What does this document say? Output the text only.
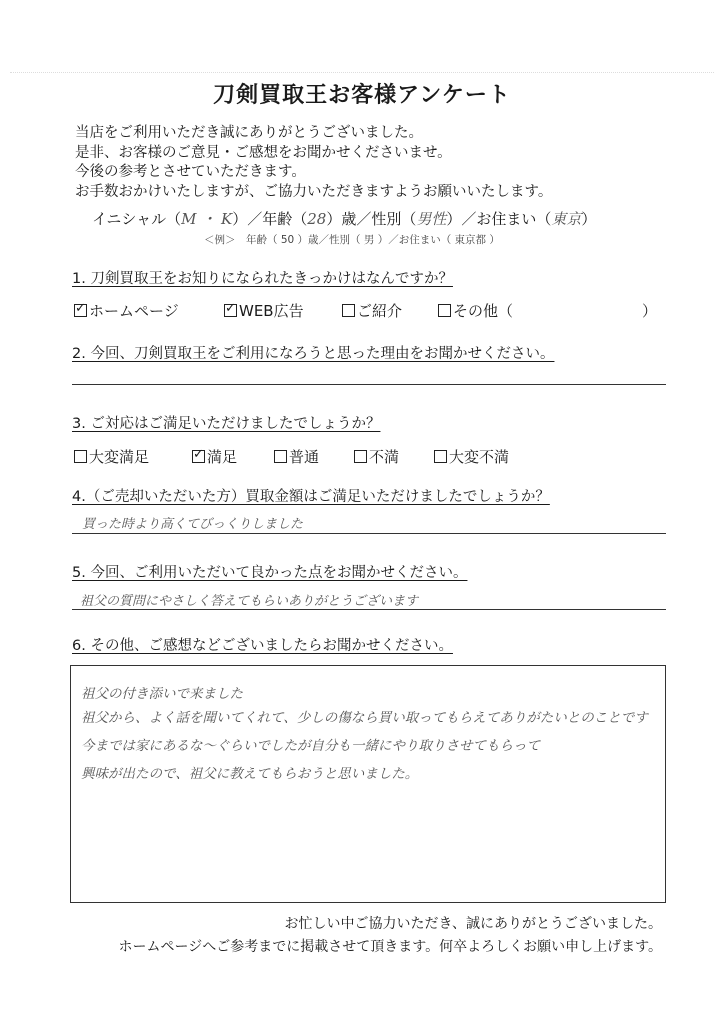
刀剣買取王お客様アンケート
当店をご利用いただき誠にありがとうございました。
是非、お客様のご意見・ご感想をお聞かせくださいませ。
今後の参考とさせていただきます。
お手数おかけいたしますが、ご協力いただきますようお願いいたします。
イニシャル（M ・ K）／年齢（28）歳／性別（男性）／お住まい（東京）
＜例＞　年齢（ 50 ）歳／性別（ 男 ）／お住まい（ 東京都 ）
1. 刀剣買取王をお知りになられたきっかけはなんですか？
✓ホームページ ✓	WEB広告	ご紹介	その他（	）
2. 今回、刀剣買取王をご利用になろうと思った理由をお聞かせください。
3. ご対応はご満足いただけましたでしょうか？
大変満足 ✓	満足	普通	不満	大変不満
4.（ご売却いただいた方）買取金額はご満足いただけましたでしょうか？
買った時より高くてびっくりしました
5. 今回、ご利用いただいて良かった点をお聞かせください。
祖父の質問にやさしく答えてもらいありがとうございます
6. その他、ご感想などございましたらお聞かせください。
祖父の付き添いで来ました
祖父から、よく話を聞いてくれて、少しの傷なら買い取ってもらえてありがたいとのことです
今までは家にあるな～ぐらいでしたが自分も一緒にやり取りさせてもらって
興味が出たので、祖父に教えてもらおうと思いました。
お忙しい中ご協力いただき、誠にありがとうございました。
ホームページへご参考までに掲載させて頂きます。何卒よろしくお願い申し上げます。
